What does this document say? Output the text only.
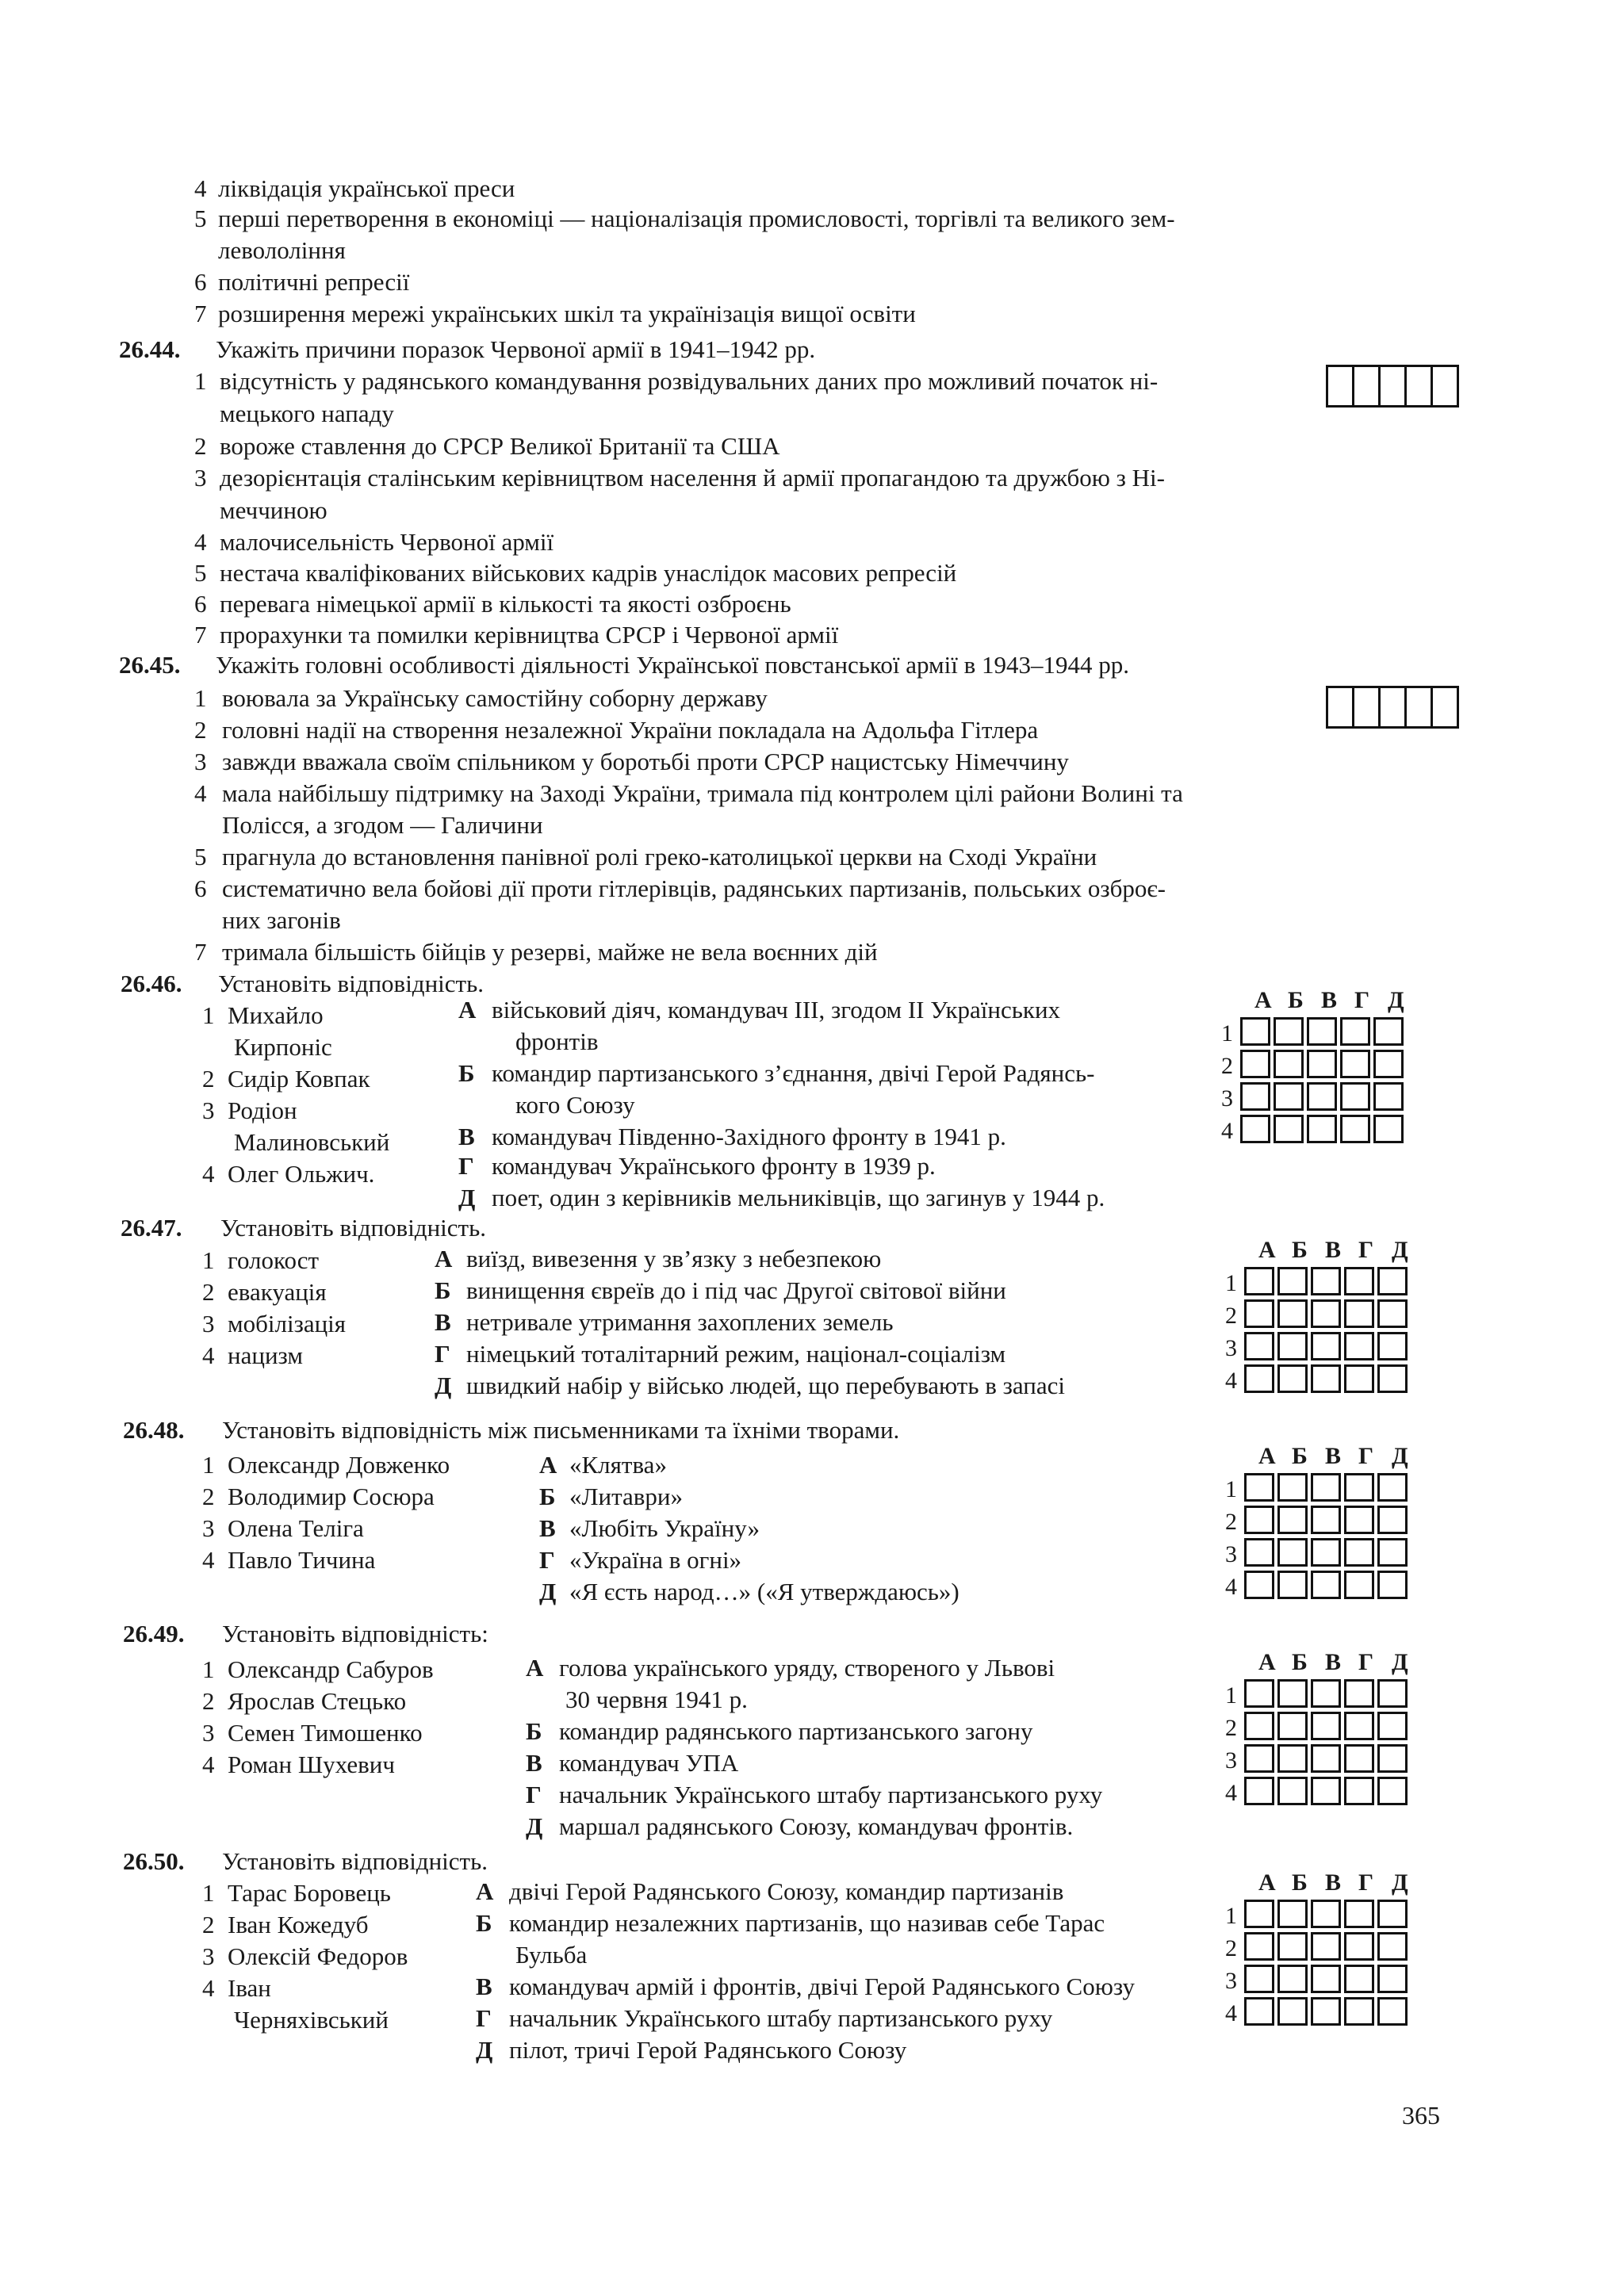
4 ліквідація української преси
5 перші перетворення в економіці — націоналізація промисловості, торгівлі та великого зем-
леволоління
6 політичні репресії
7 розширення мережі українських шкіл та українізація вищої освіти
26.44. Укажіть причини поразок Червоної армії в 1941–1942 рр.
1 відсутність у радянського командування розвідувальних даних про можливий початок ні-
мецького нападу
2 вороже ставлення до СРСР Великої Британії та США
3 дезорієнтація сталінським керівництвом населення й армії пропагандою та дружбою з Ні-
меччиною
4 малочисельність Червоної армії
5 нестача кваліфікованих військових кадрів унаслідок масових репресій
6 перевага німецької армії в кількості та якості озброєнь
7 прорахунки та помилки керівництва СРСР і Червоної армії
26.45. Укажіть головні особливості діяльності Української повстанської армії в 1943–1944 рр.
1 воювала за Українську самостійну соборну державу
2 головні надії на створення незалежної України покладала на Адольфа Гітлера
3 завжди вважала своїм спільником у боротьбі проти СРСР нацистську Німеччину
4 мала найбільшу підтримку на Заході України, тримала під контролем цілі райони Волині та
Полісся, а згодом — Галичини
5 прагнула до встановлення панівної ролі греко-католицької церкви на Сході України
6 систематично вела бойові дії проти гітлерівців, радянських партизанів, польських озброє-
них загонів
7 тримала більшість бійців у резерві, майже не вела воєнних дій
26.46. Установіть відповідність.
1 Михайло
Кирпоніс
2 Сидір Ковпак
3 Родіон
Малиновський
4 Олег Ольжич.
А військовий діяч, командувач III, згодом II Українських
фронтів
Б командир партизанського з’єднання, двічі Герой Радянсь-
кого Союзу
В командувач Південно-Західного фронту в 1941 р.
Г командувач Українського фронту в 1939 р.
Д поет, один з керівників мельниківців, що загинув у 1944 р.
А Б В Г Д
1
2
3
4
26.47. Установіть відповідність.
1 голокост
2 евакуація
3 мобілізація
4 нацизм
А виїзд, вивезення у зв’язку з небезпекою
Б винищення євреїв до і під час Другої світової війни
В нетривале утримання захоплених земель
Г німецький тоталітарний режим, націонал-соціалізм
Д швидкий набір у військо людей, що перебувають в запасі
А Б В Г Д
1
2
3
4
26.48. Установіть відповідність між письменниками та їхніми творами.
1 Олександр Довженко
2 Володимир Сосюра
3 Олена Теліга
4 Павло Тичина
А «Клятва»
Б «Литаври»
В «Любіть Україну»
Г «Україна в огні»
Д «Я єсть народ…» («Я утверждаюсь»)
А Б В Г Д
1
2
3
4
26.49. Установіть відповідність:
1 Олександр Сабуров
2 Ярослав Стецько
3 Семен Тимошенко
4 Роман Шухевич
А голова українського уряду, створеного у Львові
30 червня 1941 р.
Б командир радянського партизанського загону
В командувач УПА
Г начальник Українського штабу партизанського руху
Д маршал радянського Союзу, командувач фронтів.
А Б В Г Д
1
2
3
4
26.50. Установіть відповідність.
1 Тарас Боровець
2 Іван Кожедуб
3 Олексій Федоров
4 Іван
Черняхівський
А двічі Герой Радянського Союзу, командир партизанів
Б командир незалежних партизанів, що називав себе Тарас
Бульба
В командувач армій і фронтів, двічі Герой Радянського Союзу
Г начальник Українського штабу партизанського руху
Д пілот, тричі Герой Радянського Союзу
А Б В Г Д
1
2
3
4
365
